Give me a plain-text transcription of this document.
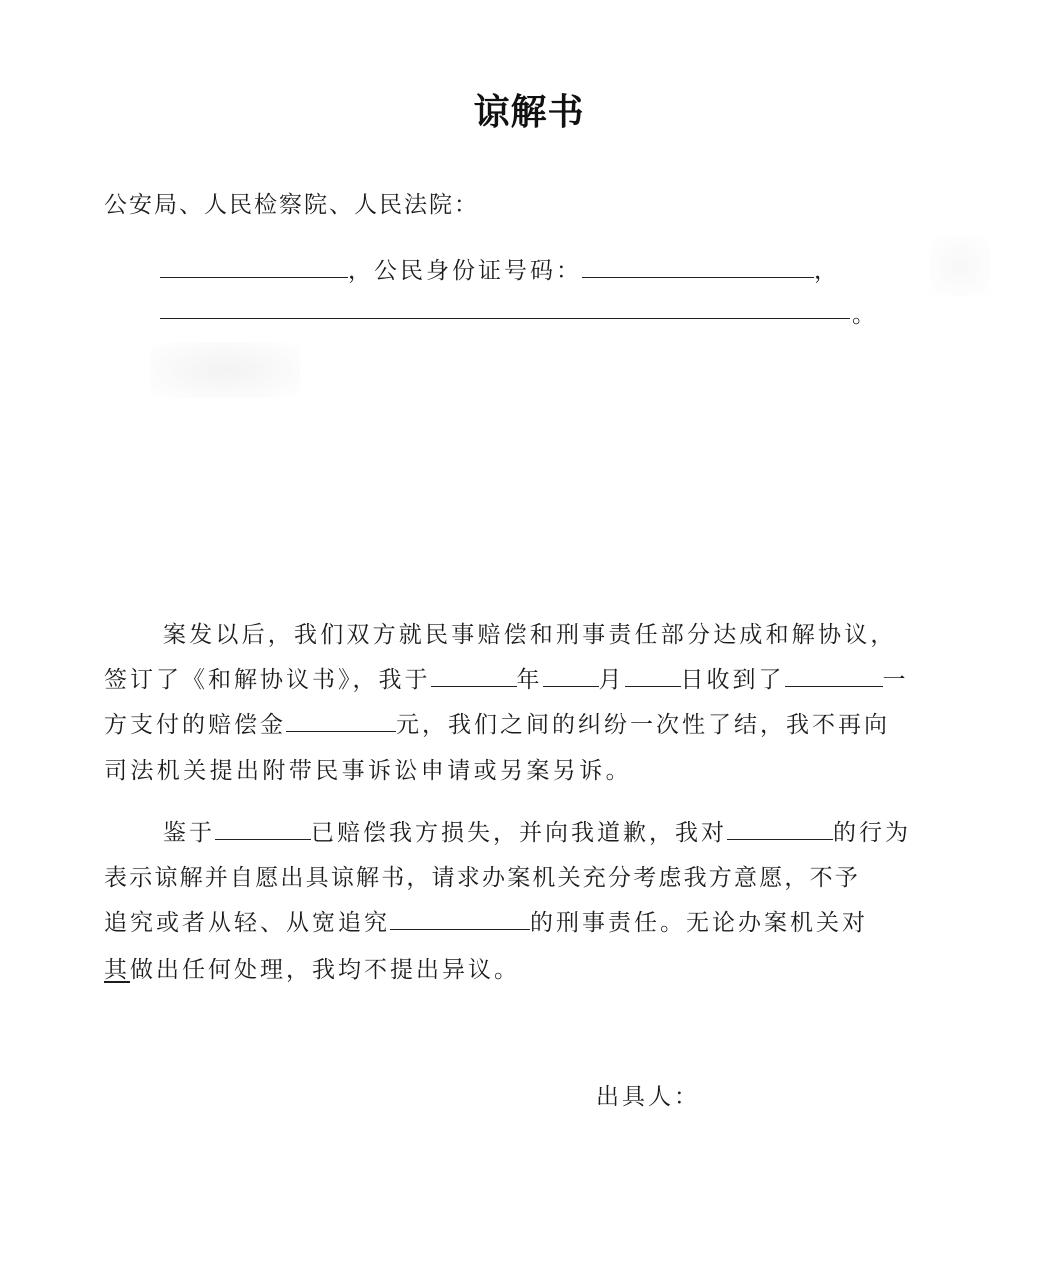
谅解书
公安局、人民检察院、人民法院：
，公民身份证号码：	，
。
案发以后，我们双方就民事赔偿和刑事责任部分达成和解协议，
签订了《和解协议书》，我于	年 月 日收到了	一
方支付的赔偿金	元，我们之间的纠纷一次性了结，我不再向
司法机关提出附带民事诉讼申请或另案另诉。
鉴于	已赔偿我方损失，并向我道歉，我对	的行为
表示谅解并自愿出具谅解书，请求办案机关充分考虑我方意愿，不予
追究或者从轻、从宽追究	的刑事责任。无论办案机关对
其做出任何处理，我均不提出异议。
出具人：
